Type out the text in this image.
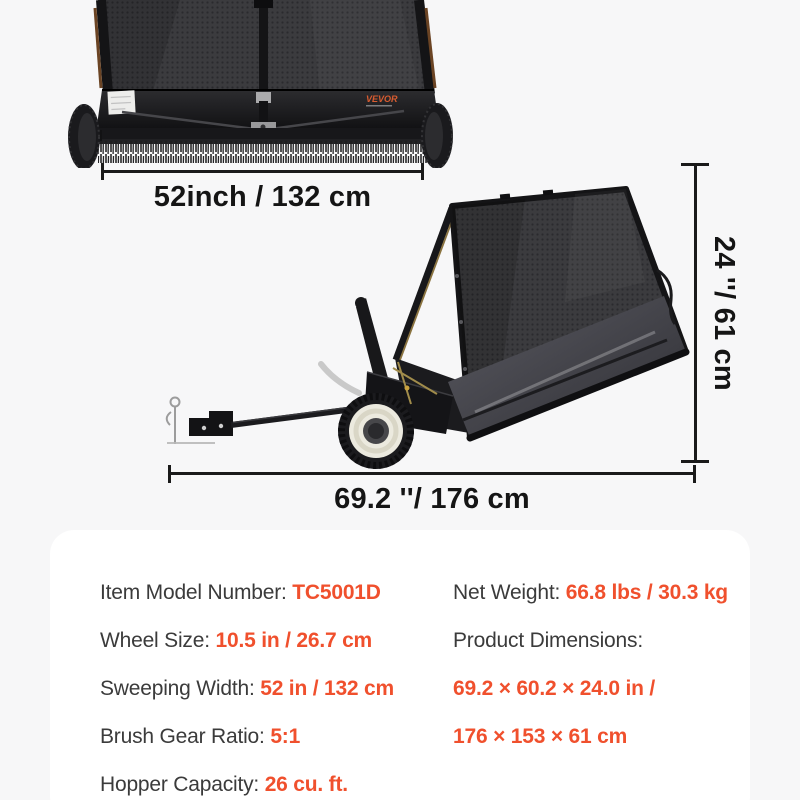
VEVOR
52inch / 132 cm
24 ''/ 61 cm
69.2 ''/ 176 cm
Item Model Number: TC5001D
Wheel Size: 10.5 in / 26.7 cm
Sweeping Width: 52 in / 132 cm
Brush Gear Ratio: 5:1
Hopper Capacity: 26 cu. ft.
Net Weight: 66.8 lbs / 30.3 kg
Product Dimensions:
69.2 × 60.2 × 24.0 in /
176 × 153 × 61 cm
